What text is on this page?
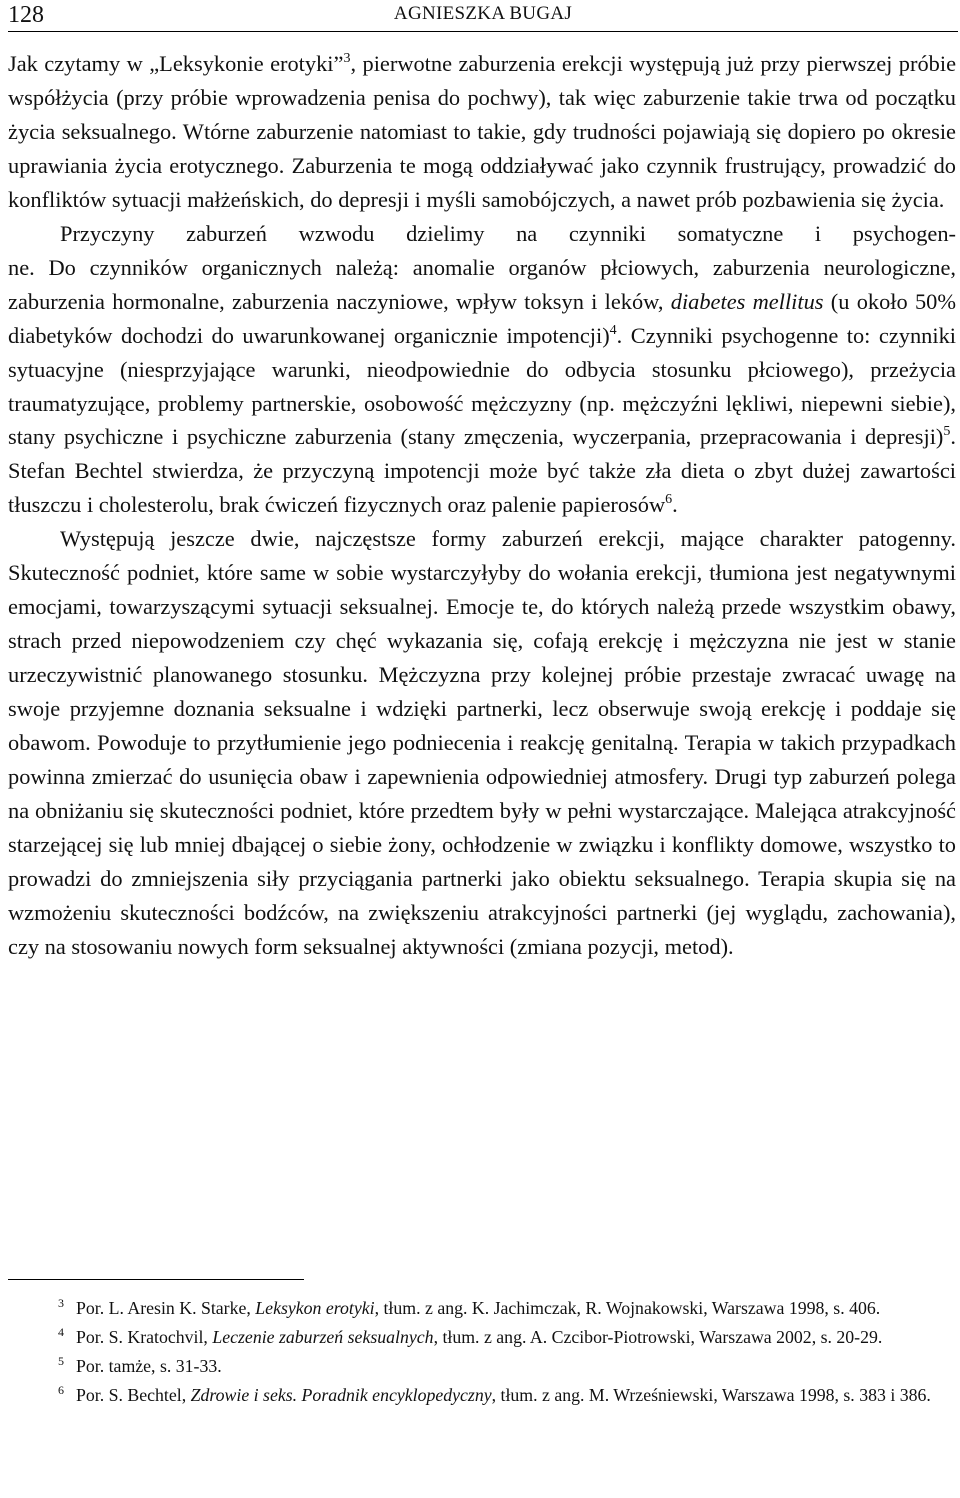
128	AGNIESZKA BUGAJ

Jak czytamy w „Leksykonie erotyki”$^3$, pierwotne zaburzenia erekcji występują już przy pierwszej próbie współżycia (przy próbie wprowadzenia penisa do pochwy), tak więc zaburzenie takie trwa od początku życia seksualnego. Wtórne zaburzenie natomiast to takie, gdy trudności pojawiają się dopiero po okresie uprawiania życia erotycznego. Zaburzenia te mogą oddziaływać jako czynnik frustrujący, prowadzić do konfliktów sytuacji małżeńskich, do depresji i myśli samobójczych, a nawet prób pozbawienia się życia.

Przyczyny zaburzeń wzwodu dzielimy na czynniki somatyczne i psychogen-
ne. Do czynników organicznych należą: anomalie organów płciowych, zaburzenia neurologiczne, zaburzenia hormonalne, zaburzenia naczyniowe, wpływ toksyn i leków, diabetes mellitus (u około 50% diabetyków dochodzi do uwarunkowanej organicznie impotencji)$^4$. Czynniki psychogenne to: czynniki sytuacyjne (niesprzyjające warunki, nieodpowiednie do odbycia stosunku płciowego), przeżycia traumatyzujące, problemy partnerskie, osobowość mężczyzny (np. mężczyźni lękliwi, niepewni siebie), stany psychiczne i psychiczne zaburzenia (stany zmęczenia, wyczerpania, przepracowania i depresji)$^5$. Stefan Bechtel stwierdza, że przyczyną impotencji może być także zła dieta o zbyt dużej zawartości tłuszczu i cholesterolu, brak ćwiczeń fizycznych oraz palenie papierosów$^6$.

Występują jeszcze dwie, najczęstsze formy zaburzeń erekcji, mające charakter patogenny. Skuteczność podniet, które same w sobie wystarczyłyby do wołania erekcji, tłumiona jest negatywnymi emocjami, towarzyszącymi sytuacji seksualnej. Emocje te, do których należą przede wszystkim obawy, strach przed niepowodzeniem czy chęć wykazania się, cofają erekcję i mężczyzna nie jest w stanie urzeczywistnić planowanego stosunku. Mężczyzna przy kolejnej próbie przestaje zwracać uwagę na swoje przyjemne doznania seksualne i wdzięki partnerki, lecz obserwuje swoją erekcję i poddaje się obawom. Powoduje to przytłumienie jego podniecenia i reakcję genitalną. Terapia w takich przypadkach powinna zmierzać do usunięcia obaw i zapewnienia odpowiedniej atmosfery. Drugi typ zaburzeń polega na obniżaniu się skuteczności podniet, które przedtem były w pełni wystarczające. Malejąca atrakcyjność starzejącej się lub mniej dbającej o siebie żony, ochłodzenie w związku i konflikty domowe, wszystko to prowadzi do zmniejszenia siły przyciągania partnerki jako obiektu seksualnego. Terapia skupia się na wzmożeniu skuteczności bodźców, na zwiększeniu atrakcyjności partnerki (jej wyglądu, zachowania), czy na stosowaniu nowych form seksualnej aktywności (zmiana pozycji, metod).

$^3$ Por. L. Aresin K. Starke, Leksykon erotyki, tłum. z ang. K. Jachimczak, R. Wojnakowski, Warszawa 1998, s. 406.

$^4$ Por. S. Kratochvil, Leczenie zaburzeń seksualnych, tłum. z ang. A. Czcibor-Piotrowski, Warszawa 2002, s. 20-29.

$^5$ Por. tamże, s. 31-33.

$^6$ Por. S. Bechtel, Zdrowie i seks. Poradnik encyklopedyczny, tłum. z ang. M. Wrześniewski, Warszawa 1998, s. 383 i 386.
